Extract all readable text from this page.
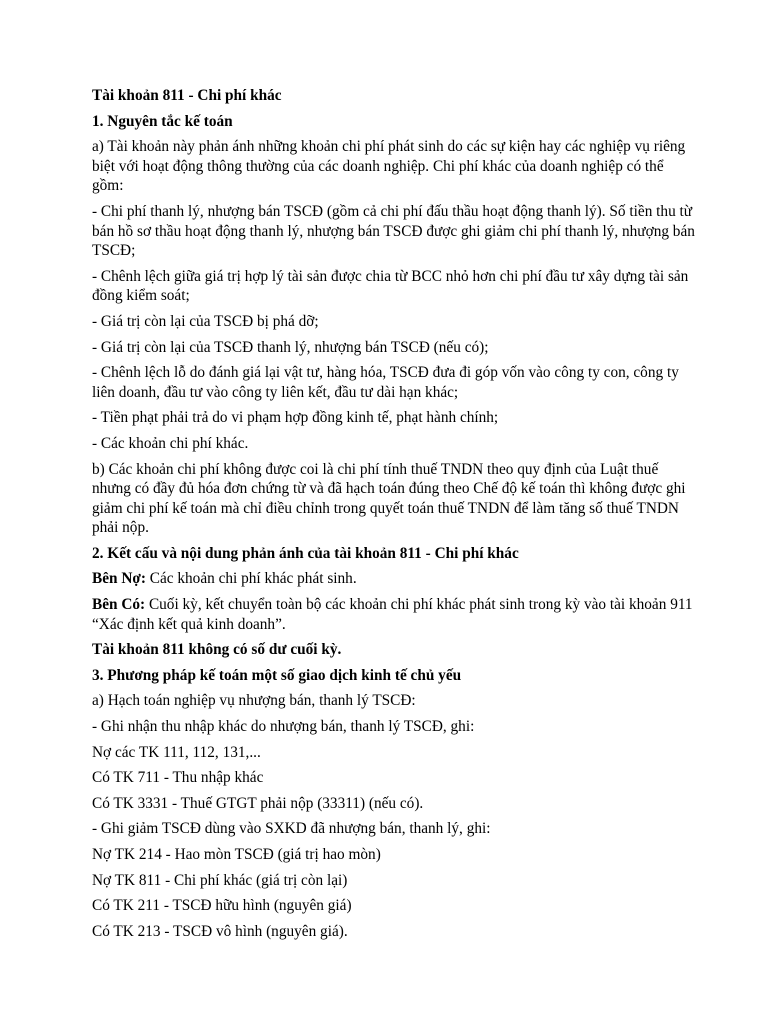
Tài khoản 811 - Chi phí khác

1. Nguyên tắc kế toán

a) Tài khoản này phản ánh những khoản chi phí phát sinh do các sự kiện hay các nghiệp vụ riêng biệt với hoạt động thông thường của các doanh nghiệp. Chi phí khác của doanh nghiệp có thể gồm:

- Chi phí thanh lý, nhượng bán TSCĐ (gồm cả chi phí đấu thầu hoạt động thanh lý). Số tiền thu từ bán hồ sơ thầu hoạt động thanh lý, nhượng bán TSCĐ được ghi giảm chi phí thanh lý, nhượng bán TSCĐ;

- Chênh lệch giữa giá trị hợp lý tài sản được chia từ BCC nhỏ hơn chi phí đầu tư xây dựng tài sản đồng kiểm soát;

- Giá trị còn lại của TSCĐ bị phá dỡ;

- Giá trị còn lại của TSCĐ thanh lý, nhượng bán TSCĐ (nếu có);

- Chênh lệch lỗ do đánh giá lại vật tư, hàng hóa, TSCĐ đưa đi góp vốn vào công ty con, công ty liên doanh, đầu tư vào công ty liên kết, đầu tư dài hạn khác;

- Tiền phạt phải trả do vi phạm hợp đồng kinh tế, phạt hành chính;

- Các khoản chi phí khác.

b) Các khoản chi phí không được coi là chi phí tính thuế TNDN theo quy định của Luật thuế nhưng có đầy đủ hóa đơn chứng từ và đã hạch toán đúng theo Chế độ kế toán thì không được ghi giảm chi phí kế toán mà chỉ điều chỉnh trong quyết toán thuế TNDN để làm tăng số thuế TNDN phải nộp.

2. Kết cấu và nội dung phản ánh của tài khoản 811 - Chi phí khác

Bên Nợ: Các khoản chi phí khác phát sinh.

Bên Có: Cuối kỳ, kết chuyển toàn bộ các khoản chi phí khác phát sinh trong kỳ vào tài khoản 911 “Xác định kết quả kinh doanh”.

Tài khoản 811 không có số dư cuối kỳ.

3. Phương pháp kế toán một số giao dịch kinh tế chủ yếu

a) Hạch toán nghiệp vụ nhượng bán, thanh lý TSCĐ:

- Ghi nhận thu nhập khác do nhượng bán, thanh lý TSCĐ, ghi:

Nợ các TK 111, 112, 131,...

Có TK 711 - Thu nhập khác

Có TK 3331 - Thuế GTGT phải nộp (33311) (nếu có).

- Ghi giảm TSCĐ dùng vào SXKD đã nhượng bán, thanh lý, ghi:

Nợ TK 214 - Hao mòn TSCĐ (giá trị hao mòn)

Nợ TK 811 - Chi phí khác (giá trị còn lại)

Có TK 211 - TSCĐ hữu hình (nguyên giá)

Có TK 213 - TSCĐ vô hình (nguyên giá).
